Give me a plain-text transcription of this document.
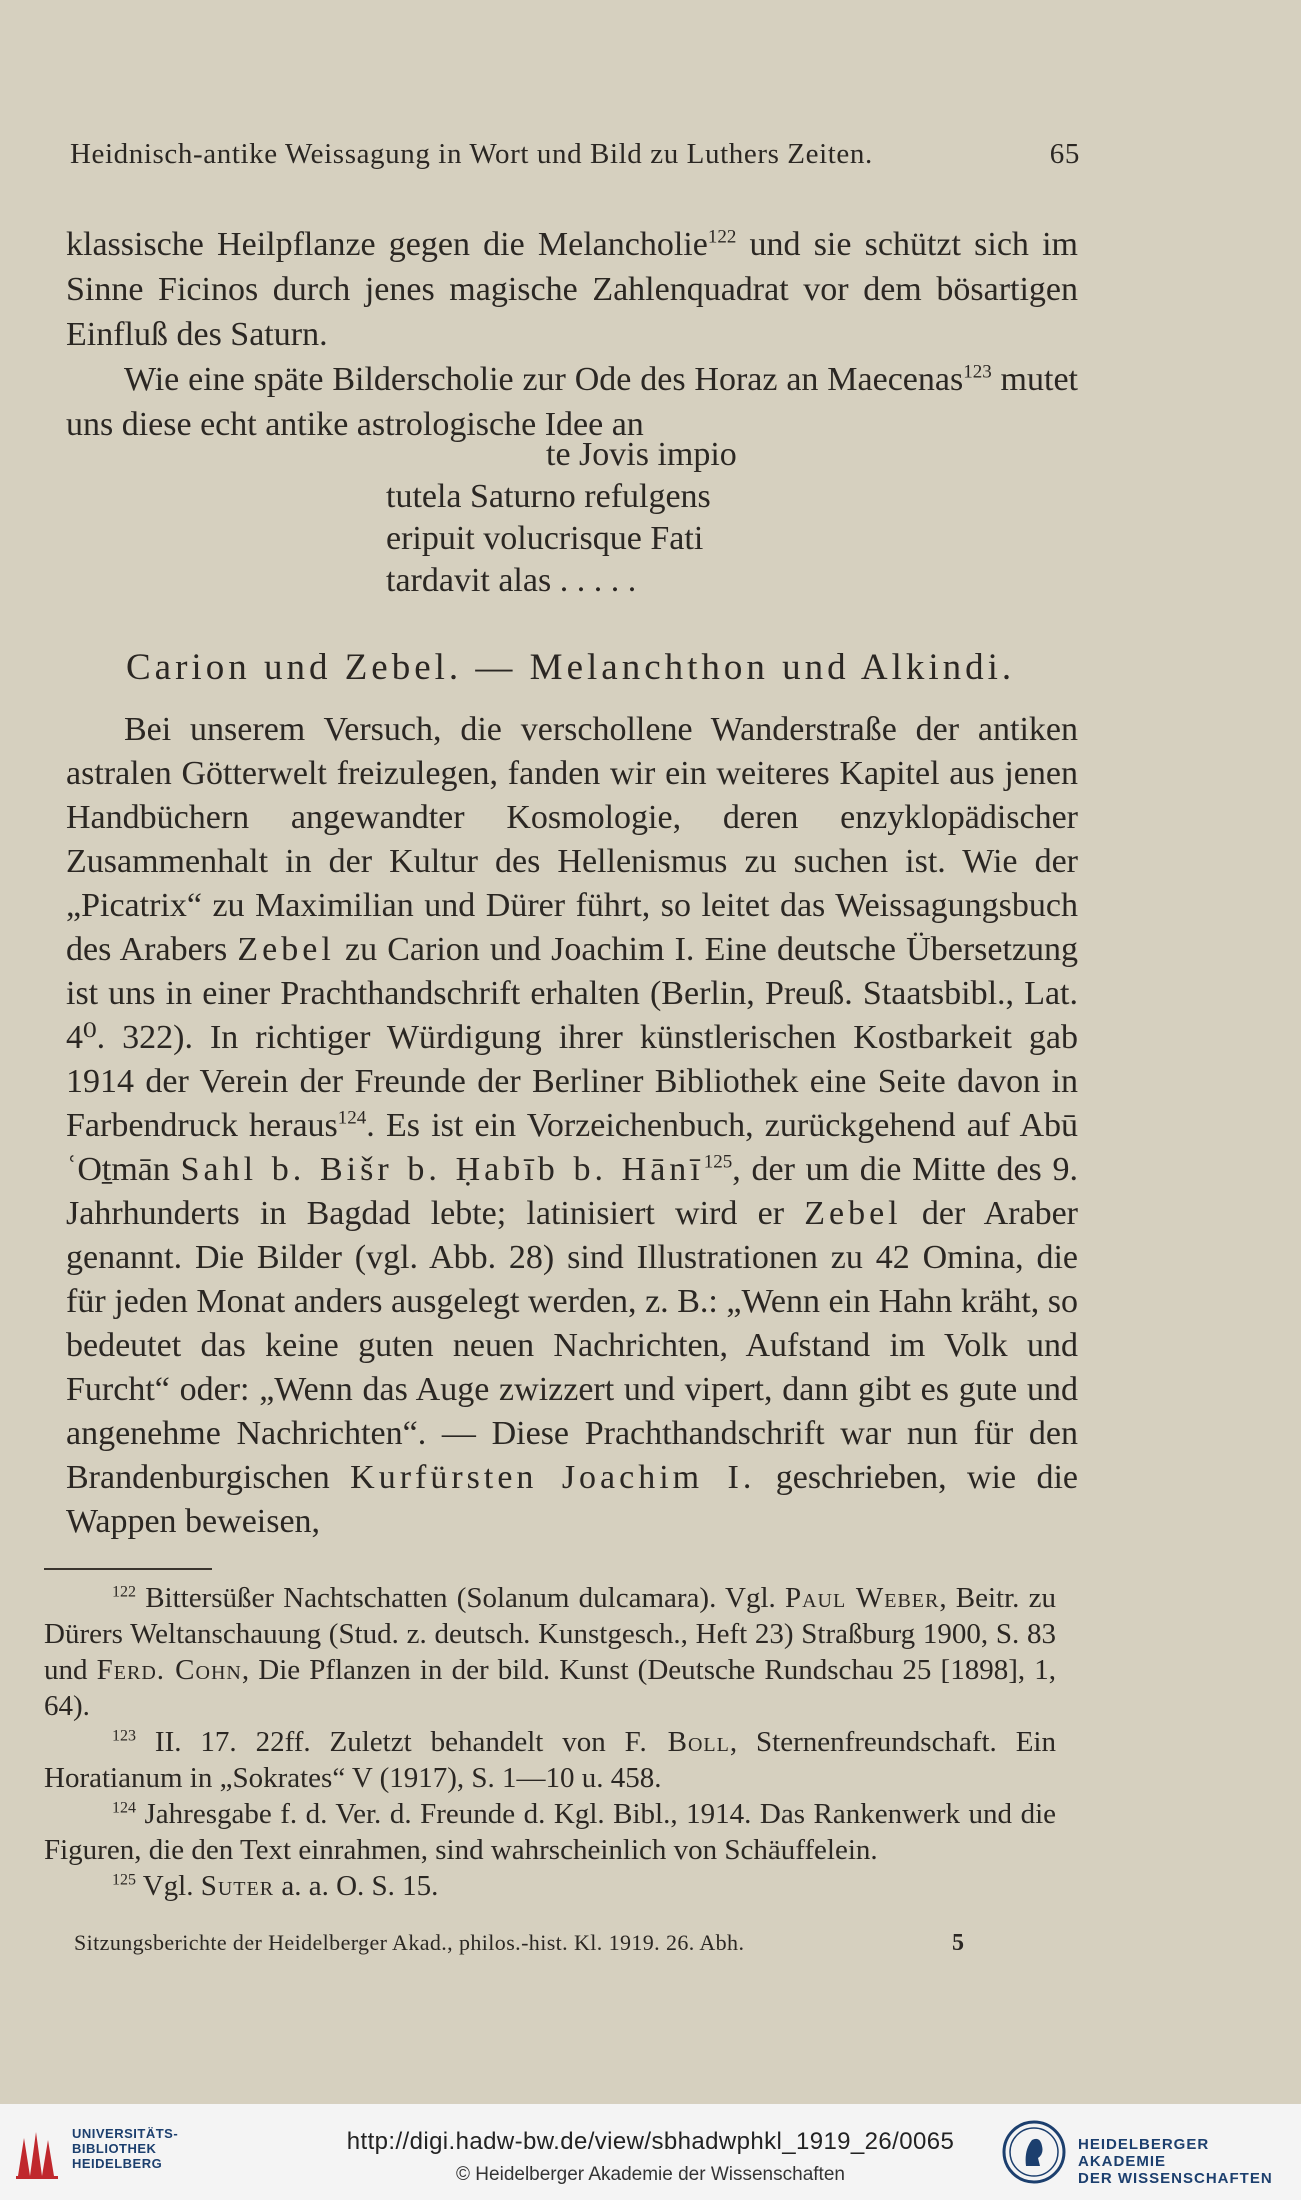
Heidnisch-antike Weissagung in Wort und Bild zu Luthers Zeiten.	65

klassische Heilpflanze gegen die Melancholie$^{122}$ und sie schützt sich im Sinne Ficinos durch jenes magische Zahlenquadrat vor dem bösartigen Einfluß des Saturn.

Wie eine späte Bilderscholie zur Ode des Horaz an Maecenas$^{123}$ mutet uns diese echt antike astrologische Idee an

te Jovis impio
tutela Saturno refulgens
eripuit volucrisque Fati
tardavit alas . . . . .
Carion und Zebel. — Melanchthon und Alkindi.

Bei unserem Versuch, die verschollene Wanderstraße der antiken astralen Götterwelt freizulegen, fanden wir ein weiteres Kapitel aus jenen Handbüchern angewandter Kosmologie, deren enzyklopädischer Zusammenhalt in der Kultur des Hellenismus zu suchen ist. Wie der „Picatrix“ zu Maximilian und Dürer führt, so leitet das Weissagungsbuch des Arabers Zebel zu Carion und Joachim I. Eine deutsche Übersetzung ist uns in einer Prachthandschrift erhalten (Berlin, Preuß. Staatsbibl., Lat. 4⁰. 322). In richtiger Würdigung ihrer künstlerischen Kostbarkeit gab 1914 der Verein der Freunde der Berliner Bibliothek eine Seite davon in Farbendruck heraus$^{124}$. Es ist ein Vorzeichenbuch, zurückgehend auf Abū ʿOṯmān Sahl b. Bišr b. Ḥabīb b. Hānī$^{125}$, der um die Mitte des 9. Jahrhunderts in Bagdad lebte; latinisiert wird er Zebel der Araber genannt. Die Bilder (vgl. Abb. 28) sind Illustrationen zu 42 Omina, die für jeden Monat anders ausgelegt werden, z. B.: „Wenn ein Hahn kräht, so bedeutet das keine guten neuen Nachrichten, Aufstand im Volk und Furcht“ oder: „Wenn das Auge zwizzert und vipert, dann gibt es gute und angenehme Nachrichten“. — Diese Prachthandschrift war nun für den Brandenburgischen Kurfürsten Joachim I. geschrieben, wie die Wappen beweisen,

$^{122}$ Bittersüßer Nachtschatten (Solanum dulcamara). Vgl. Paul Weber, Beitr. zu Dürers Weltanschauung (Stud. z. deutsch. Kunstgesch., Heft 23) Straßburg 1900, S. 83 und Ferd. Cohn, Die Pflanzen in der bild. Kunst (Deutsche Rundschau 25 [1898], 1, 64).

$^{123}$ II. 17. 22ff. Zuletzt behandelt von F. Boll, Sternenfreundschaft. Ein Horatianum in „Sokrates“ V (1917), S. 1—10 u. 458.

$^{124}$ Jahresgabe f. d. Ver. d. Freunde d. Kgl. Bibl., 1914. Das Rankenwerk und die Figuren, die den Text einrahmen, sind wahrscheinlich von Schäuffelein.

$^{125}$ Vgl. Suter a. a. O. S. 15.

Sitzungsberichte der Heidelberger Akad., philos.-hist. Kl. 1919. 26. Abh.	5
UNIVERSITÄTS-
BIBLIOTHEK
HEIDELBERG
http://digi.hadw-bw.de/view/sbhadwphkl_1919_26/0065
© Heidelberger Akademie der Wissenschaften
HEIDELBERGER AKADEMIE
DER WISSENSCHAFTEN
